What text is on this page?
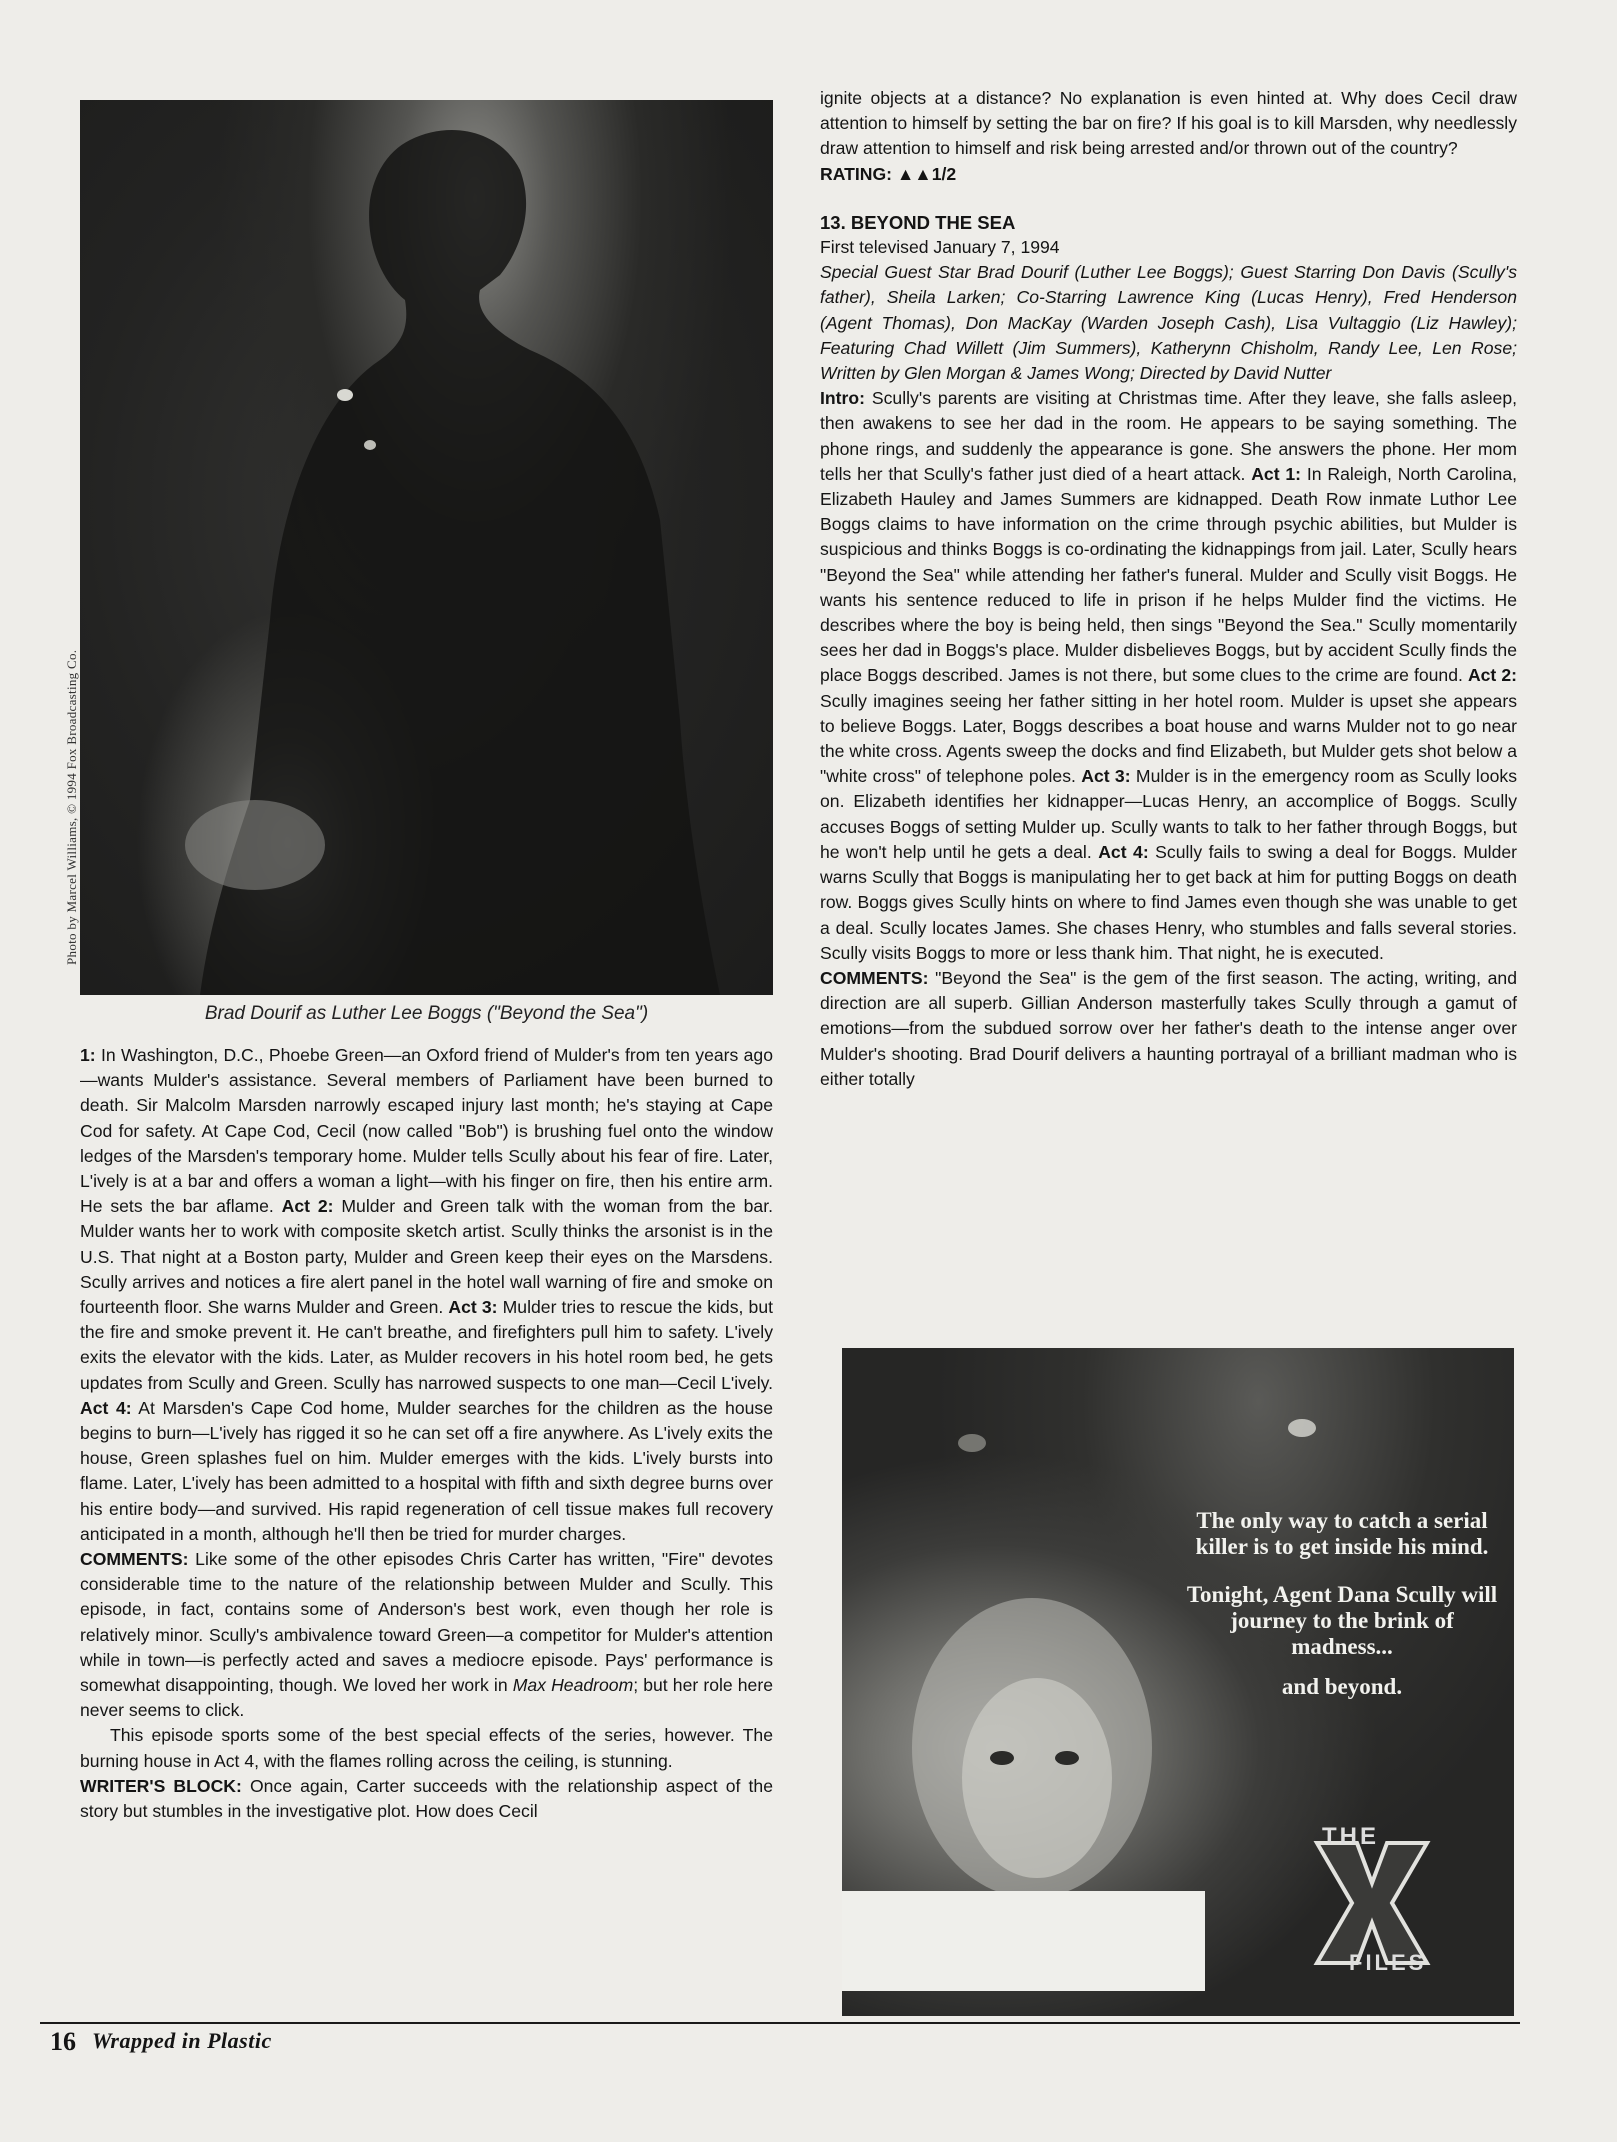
Photo by Marcel Williams, © 1994 Fox Broadcasting Co.
Brad Dourif as Luther Lee Boggs ("Beyond the Sea")

1: In Washington, D.C., Phoebe Green—an Oxford friend of Mulder's from ten years ago—wants Mulder's assistance. Several members of Parliament have been burned to death. Sir Malcolm Marsden narrowly escaped injury last month; he's staying at Cape Cod for safety. At Cape Cod, Cecil (now called "Bob") is brushing fuel onto the window ledges of the Marsden's temporary home. Mulder tells Scully about his fear of fire. Later, L'ively is at a bar and offers a woman a light—with his finger on fire, then his entire arm. He sets the bar aflame. Act 2: Mulder and Green talk with the woman from the bar. Mulder wants her to work with composite sketch artist. Scully thinks the arsonist is in the U.S. That night at a Boston party, Mulder and Green keep their eyes on the Marsdens. Scully arrives and notices a fire alert panel in the hotel wall warning of fire and smoke on fourteenth floor. She warns Mulder and Green. Act 3: Mulder tries to rescue the kids, but the fire and smoke prevent it. He can't breathe, and firefighters pull him to safety. L'ively exits the elevator with the kids. Later, as Mulder recovers in his hotel room bed, he gets updates from Scully and Green. Scully has narrowed suspects to one man—Cecil L'ively. Act 4: At Marsden's Cape Cod home, Mulder searches for the children as the house begins to burn—L'ively has rigged it so he can set off a fire anywhere. As L'ively exits the house, Green splashes fuel on him. Mulder emerges with the kids. L'ively bursts into flame. Later, L'ively has been admitted to a hospital with fifth and sixth degree burns over his entire body—and survived. His rapid regeneration of cell tissue makes full recovery anticipated in a month, although he'll then be tried for murder charges.

COMMENTS: Like some of the other episodes Chris Carter has written, "Fire" devotes considerable time to the nature of the relationship between Mulder and Scully. This episode, in fact, contains some of Anderson's best work, even though her role is relatively minor. Scully's ambivalence toward Green—a competitor for Mulder's attention while in town—is perfectly acted and saves a mediocre episode. Pays' performance is somewhat disappointing, though. We loved her work in Max Headroom; but her role here never seems to click.

This episode sports some of the best special effects of the series, however. The burning house in Act 4, with the flames rolling across the ceiling, is stunning.

WRITER'S BLOCK: Once again, Carter succeeds with the relationship aspect of the story but stumbles in the investigative plot. How does Cecil

ignite objects at a distance? No explanation is even hinted at. Why does Cecil draw attention to himself by setting the bar on fire? If his goal is to kill Marsden, why needlessly draw attention to himself and risk being arrested and/or thrown out of the country?

RATING: ▲▲1/2

13. BEYOND THE SEA

First televised January 7, 1994

Special Guest Star Brad Dourif (Luther Lee Boggs); Guest Starring Don Davis (Scully's father), Sheila Larken; Co-Starring Lawrence King (Lucas Henry), Fred Henderson (Agent Thomas), Don MacKay (Warden Joseph Cash), Lisa Vultaggio (Liz Hawley); Featuring Chad Willett (Jim Summers), Katherynn Chisholm, Randy Lee, Len Rose; Written by Glen Morgan & James Wong; Directed by David Nutter

Intro: Scully's parents are visiting at Christmas time. After they leave, she falls asleep, then awakens to see her dad in the room. He appears to be saying something. The phone rings, and suddenly the appearance is gone. She answers the phone. Her mom tells her that Scully's father just died of a heart attack. Act 1: In Raleigh, North Carolina, Elizabeth Hauley and James Summers are kidnapped. Death Row inmate Luthor Lee Boggs claims to have information on the crime through psychic abilities, but Mulder is suspicious and thinks Boggs is co-ordinating the kidnappings from jail. Later, Scully hears "Beyond the Sea" while attending her father's funeral. Mulder and Scully visit Boggs. He wants his sentence reduced to life in prison if he helps Mulder find the victims. He describes where the boy is being held, then sings "Beyond the Sea." Scully momentarily sees her dad in Boggs's place. Mulder disbelieves Boggs, but by accident Scully finds the place Boggs described. James is not there, but some clues to the crime are found. Act 2: Scully imagines seeing her father sitting in her hotel room. Mulder is upset she appears to believe Boggs. Later, Boggs describes a boat house and warns Mulder not to go near the white cross. Agents sweep the docks and find Elizabeth, but Mulder gets shot below a "white cross" of telephone poles. Act 3: Mulder is in the emergency room as Scully looks on. Elizabeth identifies her kidnapper—Lucas Henry, an accomplice of Boggs. Scully accuses Boggs of setting Mulder up. Scully wants to talk to her father through Boggs, but he won't help until he gets a deal. Act 4: Scully fails to swing a deal for Boggs. Mulder warns Scully that Boggs is manipulating her to get back at him for putting Boggs on death row. Boggs gives Scully hints on where to find James even though she was unable to get a deal. Scully locates James. She chases Henry, who stumbles and falls several stories. Scully visits Boggs to more or less thank him. That night, he is executed.

COMMENTS: "Beyond the Sea" is the gem of the first season. The acting, writing, and direction are all superb. Gillian Anderson masterfully takes Scully through a gamut of emotions—from the subdued sorrow over her father's death to the intense anger over Mulder's shooting. Brad Dourif delivers a haunting portrayal of a brilliant madman who is either totally

The only way to catch a serial killer is to get inside his mind.
Tonight, Agent Dana Scully will journey to the brink of madness...
and beyond.
THE
FILES
16 Wrapped in Plastic
